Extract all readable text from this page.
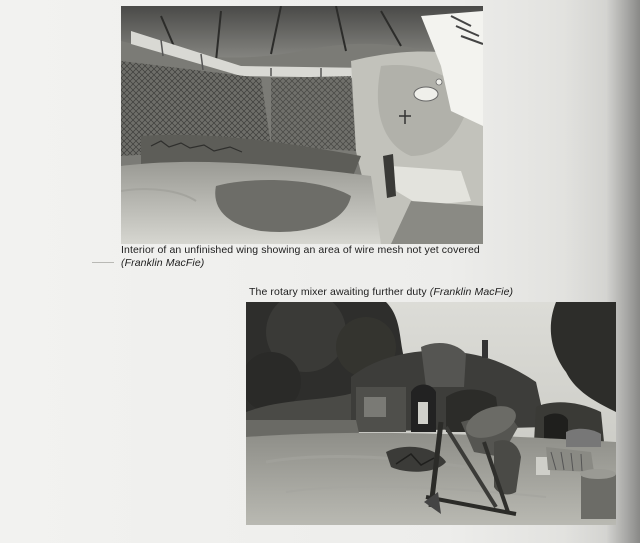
Interior of an unfinished wing showing an area of wire mesh not yet covered (Franklin MacFie)
The rotary mixer awaiting further duty (Franklin MacFie)
